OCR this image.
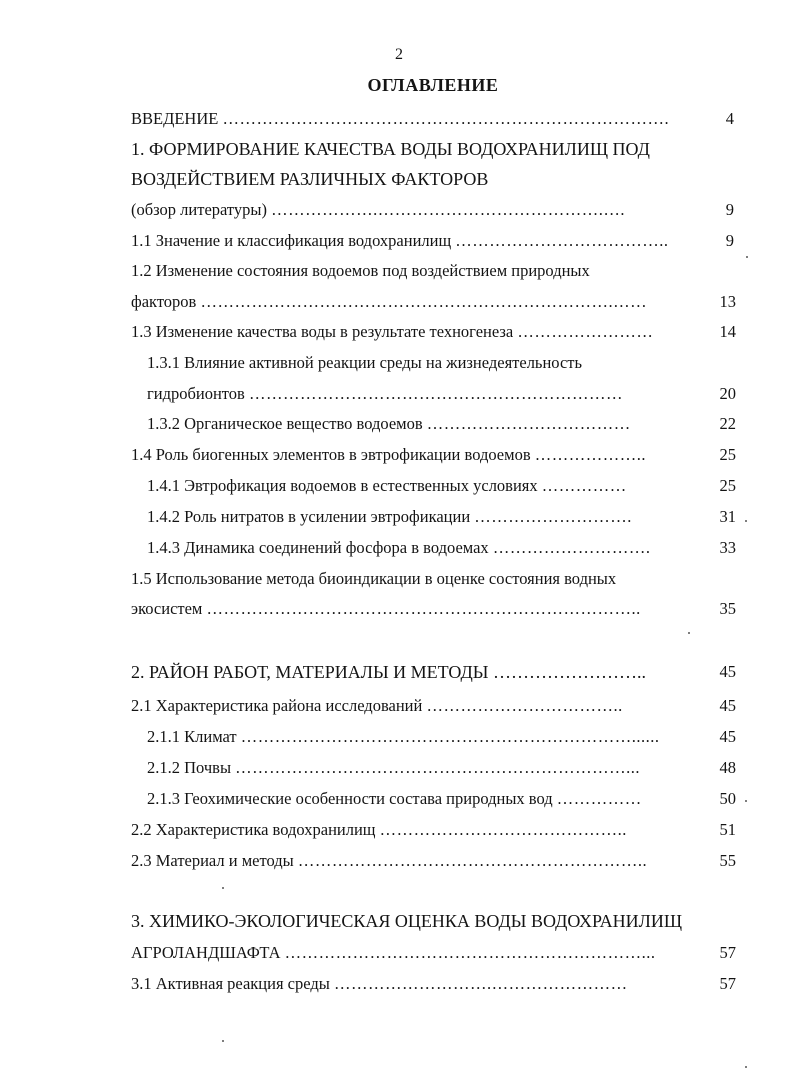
2
ОГЛАВЛЕНИЕ
ВВЕДЕНИЕ …………………………………………………………………….	4
1. ФОРМИРОВАНИЕ КАЧЕСТВА ВОДЫ ВОДОХРАНИЛИЩ ПОД
ВОЗДЕЙСТВИЕМ РАЗЛИЧНЫХ ФАКТОРОВ
(обзор литературы) ……………….………………………………….….	9
1.1 Значение и классификация водохранилищ ………………………………..	9
1.2 Изменение состояния водоемов под воздействием природных
факторов ……………………………………………………………….……	13
1.3 Изменение качества воды в результате техногенеза ……………………	14
1.3.1 Влияние активной реакции среды на жизнедеятельность
гидробионтов …………………………………………………………	20
1.3.2 Органическое вещество водоемов ………………………………	22
1.4 Роль биогенных элементов в эвтрофикации водоемов ………………..	25
1.4.1 Эвтрофикация водоемов в естественных условиях ……………	25
1.4.2 Роль нитратов в усилении эвтрофикации ……………………….	31
1.4.3 Динамика соединений фосфора в водоемах ……………………….	33
1.5 Использование метода биоиндикации в оценке состояния водных
экосистем …………………………………………………………………..	35
2. РАЙОН РАБОТ, МАТЕРИАЛЫ И МЕТОДЫ ……………………..	45
2.1 Характеристика района исследований ……………………………..	45
2.1.1 Климат ……………………………………………………………......	45
2.1.2 Почвы ……………………………………………………………...	48
2.1.3 Геохимические особенности состава природных вод ……………	50
2.2 Характеристика водохранилищ ……………………………………..	51
2.3 Материал и методы ……………………………………………………..	55
3. ХИМИКО-ЭКОЛОГИЧЕСКАЯ ОЦЕНКА ВОДЫ ВОДОХРАНИЛИЩ
АГРОЛАНДШАФТА ………………………………………………………...	57
3.1 Активная реакция среды ……………………….……………………	57
